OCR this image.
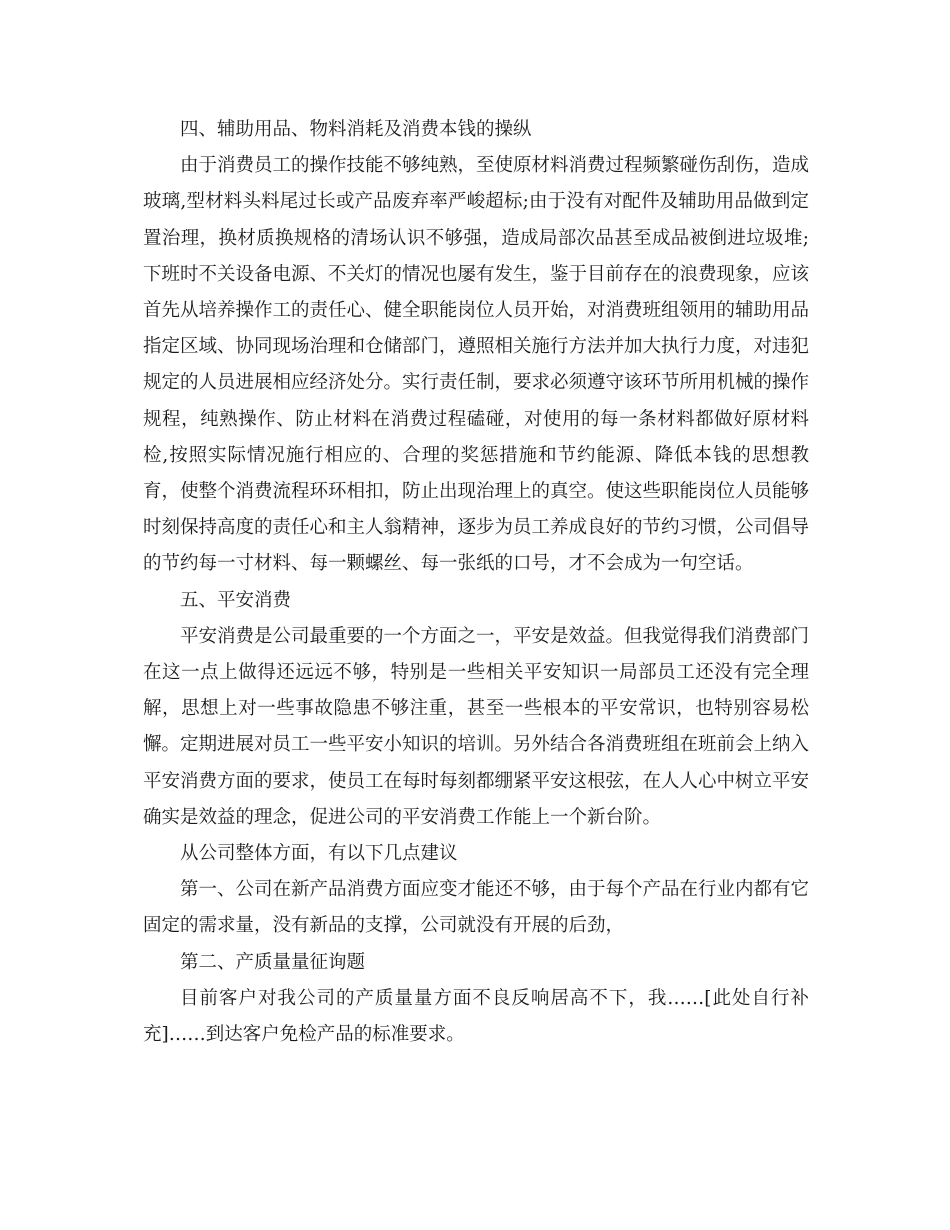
四、辅助用品、物料消耗及消费本钱的操纵

由于消费员工的操作技能不够纯熟，至使原材料消费过程频繁碰伤刮伤，造成玻璃,型材料头料尾过长或产品废弃率严峻超标;由于没有对配件及辅助用品做到定置治理，换材质换规格的清场认识不够强，造成局部次品甚至成品被倒进垃圾堆;下班时不关设备电源、不关灯的情况也屡有发生，鉴于目前存在的浪费现象，应该首先从培养操作工的责任心、健全职能岗位人员开始，对消费班组领用的辅助用品指定区域、协同现场治理和仓储部门，遵照相关施行方法并加大执行力度，对违犯规定的人员进展相应经济处分。实行责任制，要求必须遵守该环节所用机械的操作规程，纯熟操作、防止材料在消费过程磕碰，对使用的每一条材料都做好原材料检,按照实际情况施行相应的、合理的奖惩措施和节约能源、降低本钱的思想教育，使整个消费流程环环相扣，防止出现治理上的真空。使这些职能岗位人员能够时刻保持高度的责任心和主人翁精神，逐步为员工养成良好的节约习惯，公司倡导的节约每一寸材料、每一颗螺丝、每一张纸的口号，才不会成为一句空话。

五、平安消费

平安消费是公司最重要的一个方面之一，平安是效益。但我觉得我们消费部门在这一点上做得还远远不够，特别是一些相关平安知识一局部员工还没有完全理解，思想上对一些事故隐患不够注重，甚至一些根本的平安常识，也特别容易松懈。定期进展对员工一些平安小知识的培训。另外结合各消费班组在班前会上纳入平安消费方面的要求，使员工在每时每刻都绷紧平安这根弦，在人人心中树立平安确实是效益的理念，促进公司的平安消费工作能上一个新台阶。

从公司整体方面，有以下几点建议

第一、公司在新产品消费方面应变才能还不够，由于每个产品在行业内都有它固定的需求量，没有新品的支撑，公司就没有开展的后劲，

第二、产质量量征询题

目前客户对我公司的产质量量方面不良反响居高不下，我……[此处自行补充]……到达客户免检产品的标准要求。
